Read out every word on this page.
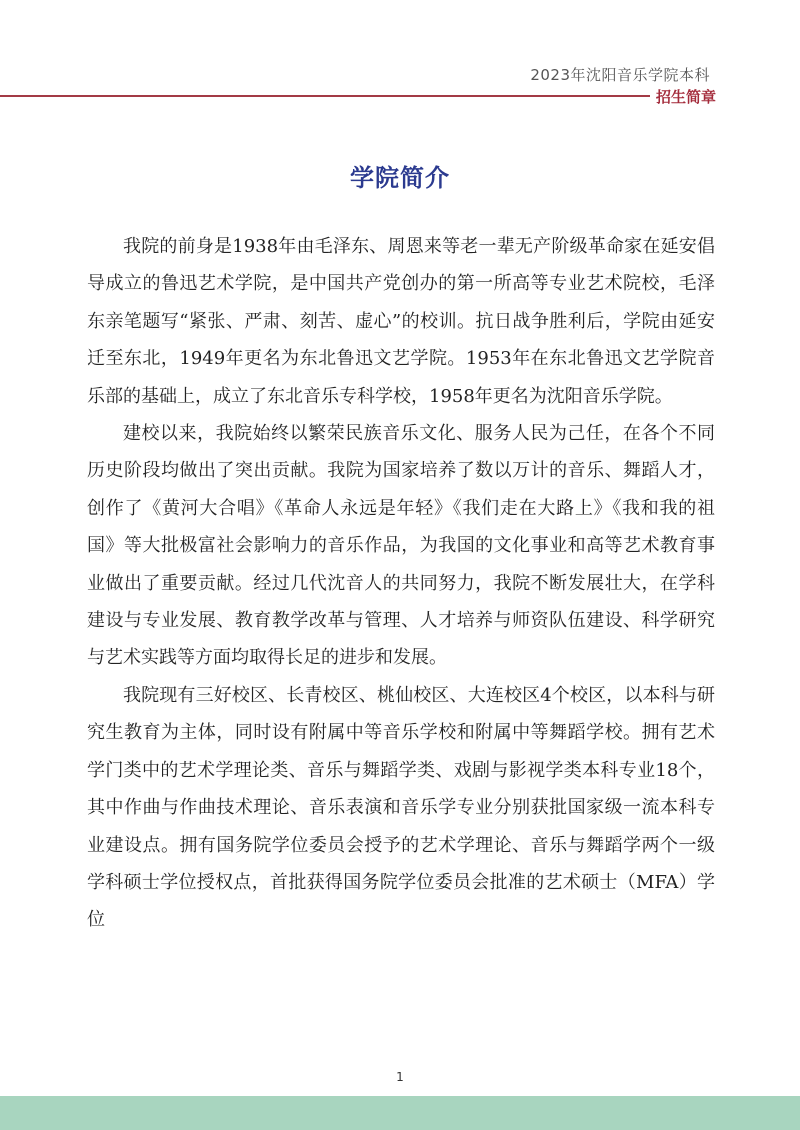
2023年沈阳音乐学院本科
招生简章
学院简介

我院的前身是1938年由毛泽东、周恩来等老一辈无产阶级革命家在延安倡导成立的鲁迅艺术学院，是中国共产党创办的第一所高等专业艺术院校，毛泽东亲笔题写“紧张、严肃、刻苦、虚心”的校训。抗日战争胜利后，学院由延安迁至东北，1949年更名为东北鲁迅文艺学院。1953年在东北鲁迅文艺学院音乐部的基础上，成立了东北音乐专科学校，1958年更名为沈阳音乐学院。

建校以来，我院始终以繁荣民族音乐文化、服务人民为己任，在各个不同历史阶段均做出了突出贡献。我院为国家培养了数以万计的音乐、舞蹈人才，创作了《黄河大合唱》《革命人永远是年轻》《我们走在大路上》《我和我的祖国》等大批极富社会影响力的音乐作品，为我国的文化事业和高等艺术教育事业做出了重要贡献。经过几代沈音人的共同努力，我院不断发展壮大，在学科建设与专业发展、教育教学改革与管理、人才培养与师资队伍建设、科学研究与艺术实践等方面均取得长足的进步和发展。

我院现有三好校区、长青校区、桃仙校区、大连校区4个校区，以本科与研究生教育为主体，同时设有附属中等音乐学校和附属中等舞蹈学校。拥有艺术学门类中的艺术学理论类、音乐与舞蹈学类、戏剧与影视学类本科专业18个，其中作曲与作曲技术理论、音乐表演和音乐学专业分别获批国家级一流本科专业建设点。拥有国务院学位委员会授予的艺术学理论、音乐与舞蹈学两个一级学科硕士学位授权点，首批获得国务院学位委员会批准的艺术硕士（MFA）学位

1
